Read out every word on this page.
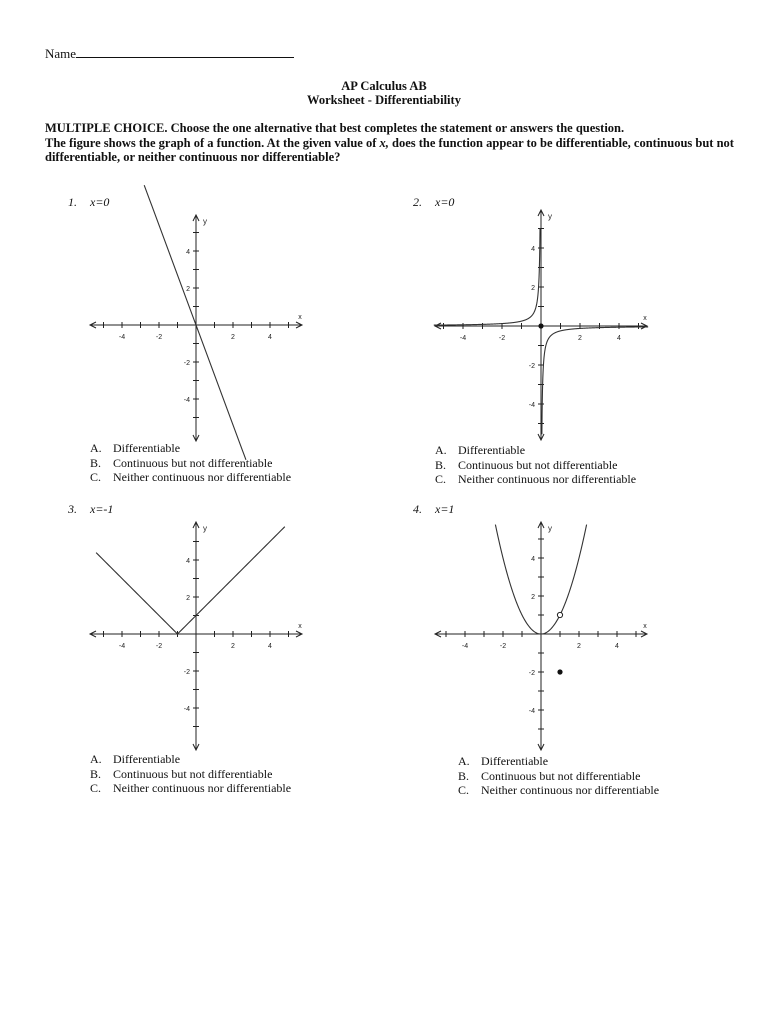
Name
AP Calculus AB
Worksheet - Differentiability
MULTIPLE CHOICE. Choose the one alternative that best completes the statement or answers the question.
The figure shows the graph of a function. At the given value of x, does the function appear to be differentiable, continuous but not differentiable, or neither continuous nor differentiable?
1. x=0	2. x=0
3. x=-1	4. x=1
-4
-4
-2
-2
2
2
4
4
x
y
-4
-4
-2
-2
2
2
4
4
x
y
-4
-4
-2
-2
2
2
4
4
x
y
-4
-4
-2
-2
2
2
4
4
x
y
A. Differentiable
B. Continuous but not differentiable
C. Neither continuous nor differentiable
A. Differentiable
B. Continuous but not differentiable
C. Neither continuous nor differentiable
A. Differentiable
B. Continuous but not differentiable
C. Neither continuous nor differentiable
A. Differentiable
B. Continuous but not differentiable
C. Neither continuous nor differentiable
